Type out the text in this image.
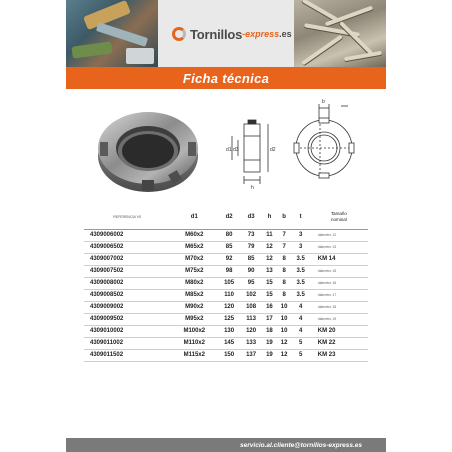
Tornillos -express .es
Ficha técnica
d1 d3	d2
h
b
REFERENCIA VS	d1	d2	d3	h	b	t	Tamaño
nominal

4309006002	M60x2	80	73	11	7	3	diâmetro 12
4309006502	M65x2	85	79	12	7	3	diâmetro 13
4309007002	M70x2	92	85	12	8	3.5	KM 14
4309007502	M75x2	98	90	13	8	3.5	diâmetro 15
4309008002	M80x2	105	95	15	8	3.5	diâmetro 16
4309008502	M85x2	110	102	15	8	3.5	diâmetro 17
4309009002	M90x2	120	108	16	10	4	diâmetro 18
4309009502	M95x2	125	113	17	10	4	diâmetro 19
4309010002	M100x2	130	120	18	10	4	KM 20
4309011002	M110x2	145	133	19	12	5	KM 22
4309011502	M115x2	150	137	19	12	5	KM 23
servicio.al.cliente@tornillos-express.es
